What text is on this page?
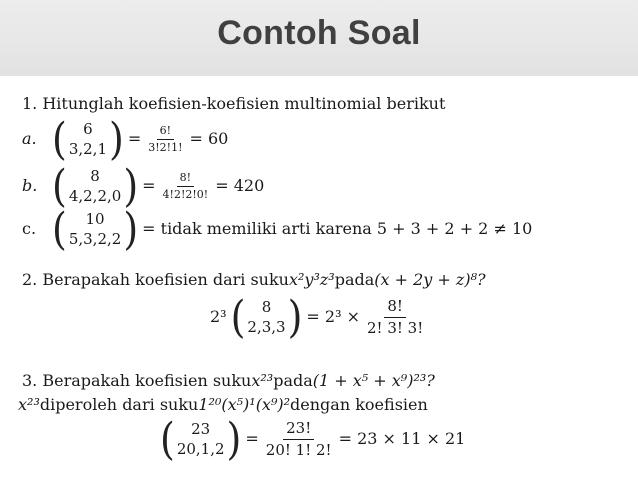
Contoh Soal
1. Hitunglah koefisien-koefisien multinomial berikut
a. ( 6
3,2,1 ) = $\frac{6!}{3!2!1!} = 60$
b. ( 8
4,2,2,0 ) = $\frac{8!}{4!2!2!0!} = 420$
c. ( 10
5,3,2,2 ) = tidak memiliki arti karena 5 + 3 + 2 + 2 ≠ 10
2. Berapakah koefisien dari suku x²y³z³ pada (x + 2y + z)⁸?
2³ ( 8
2,3,3 ) = $2^3 \times \frac{8!}{2! 3! 3!}$
3. Berapakah koefisien suku x²³ pada (1 + x⁵ + x⁹)²³?
x²³ diperoleh dari suku 1²⁰(x⁵)¹(x⁹)² dengan koefisien
( 23
20,1,2 ) = $\frac{23!}{20! 1! 2!} = 23 \times 11 \times 21$
